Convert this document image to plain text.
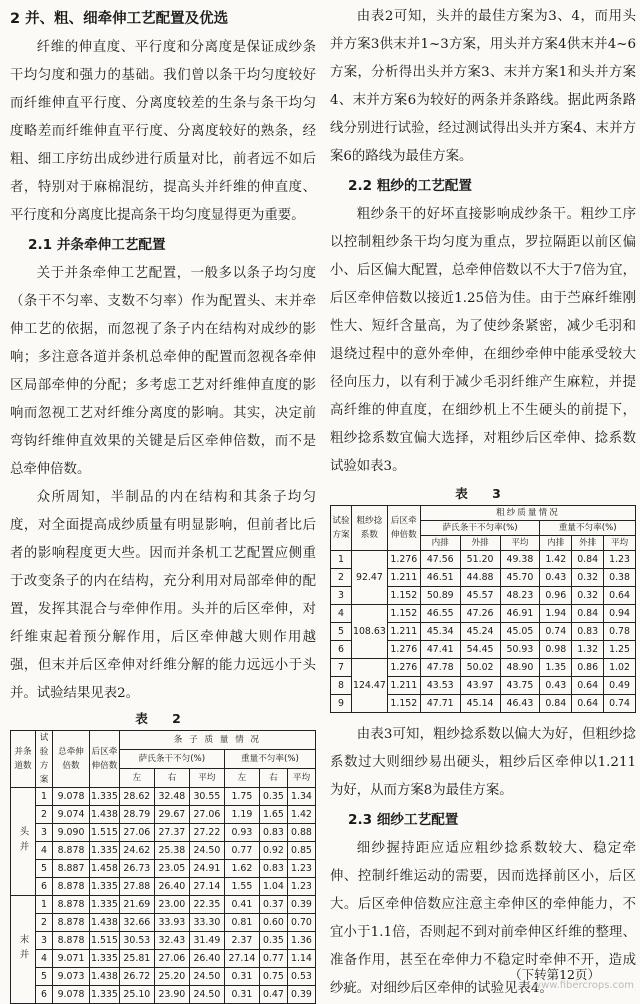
2 并、粗、细牵伸工艺配置及优选

纤维的伸直度、平行度和分离度是保证成纱条干均匀度和强力的基础。我们曾以条干均匀度较好而纤维伸直平行度、分离度较差的生条与条干均匀度略差而纤维伸直平行度、分离度较好的熟条，经粗、细工序纺出成纱进行质量对比，前者远不如后者，特别对于麻棉混纺，提高头并纤维的伸直度、平行度和分离度比提高条干均匀度显得更为重要。

2.1 并条牵伸工艺配置

关于并条牵伸工艺配置，一般多以条子均匀度（条干不匀率、支数不匀率）作为配置头、末并牵伸工艺的依据，而忽视了条子内在结构对成纱的影响；多注意各道并条机总牵伸的配置而忽视各牵伸区局部牵伸的分配；多考虑工艺对纤维伸直度的影响而忽视工艺对纤维分离度的影响。其实，决定前弯钩纤维伸直效果的关键是后区牵伸倍数，而不是总牵伸倍数。

众所周知，半制品的内在结构和其条子均匀度，对全面提高成纱质量有明显影响，但前者比后者的影响程度更大些。因而并条机工艺配置应侧重于改变条子的内在结构，充分利用对局部牵伸的配置，发挥其混合与牵伸作用。头并的后区牵伸，对纤维束起着预分解作用，后区牵伸越大则作用越强，但末并后区牵伸对纤维分解的能力远远小于头并。试验结果见表2。

表 2
并条道数	试验方案	总牵伸倍数	后区牵伸倍数	条 子 质 量 情 况					
				萨氏条干不匀(%)			重量不匀率(%)		
				左	右	平均	左	右	平均
头并	1	9.078	1.335	28.62	32.48	30.55	1.75	0.35	1.34
	2	9.074	1.438	28.79	29.67	27.06	1.19	1.65	1.42
	3	9.090	1.515	27.06	27.37	27.22	0.93	0.83	0.88
	4	8.878	1.335	24.62	25.38	24.50	0.77	0.92	0.85
	5	8.887	1.458	26.73	23.05	24.91	1.62	0.83	1.23
	6	8.878	1.335	27.88	26.40	27.14	1.55	1.04	1.23
末并	1	8.878	1.335	21.69	23.00	22.35	0.41	0.37	0.39
	2	8.878	1.438	32.66	33.93	33.30	0.81	0.60	0.70
	3	8.878	1.515	30.53	32.43	31.49	2.37	0.35	1.36
	4	9.071	1.335	25.81	27.06	26.40	27.14	0.77	1.14
	5	9.073	1.438	26.72	25.20	24.50	0.31	0.75	0.53
	6	9.078	1.335	25.10	23.90	24.50	0.31	0.47	0.39

由表2可知，头并的最佳方案为3、4，而用头并方案3供末并1~3方案，用头并方案4供末并4~6方案，分析得出头并方案3、末并方案1和头并方案4、末并方案6为较好的两条并条路线。据此两条路线分别进行试验，经过测试得出头并方案4、末并方案6的路线为最佳方案。

2.2 粗纱的工艺配置

粗纱条干的好坏直接影响成纱条干。粗纱工序以控制粗纱条干均匀度为重点，罗拉隔距以前区偏小、后区偏大配置，总牵伸倍数以不大于7倍为宜，后区牵伸倍数以接近1.25倍为佳。由于苎麻纤维刚性大、短纤含量高，为了使纱条紧密，减少毛羽和退绕过程中的意外牵伸，在细纱牵伸中能承受较大径向压力，以有利于减少毛羽纤维产生麻粒，并提高纤维的伸直度，在细纱机上不生硬头的前提下，粗纱捻系数宜偏大选择，对粗纱后区牵伸、捻系数试验如表3。

表 3
试验方案	粗纱捻系数	后区牵伸倍数	粗纱质量情况					
			萨氏条干不匀率(%)			重量不匀率(%)		
			内排	外排	平均	内排	外排	平均
1	92.47	1.276	47.56	51.20	49.38	1.42	0.84	1.23
2		1.211	46.51	44.88	45.70	0.43	0.32	0.38
3		1.152	50.89	45.57	48.23	0.96	0.32	0.64
4	108.63	1.152	46.55	47.26	46.91	1.94	0.84	0.94
5		1.211	45.34	45.24	45.05	0.74	0.83	0.78
6		1.276	47.41	54.45	50.93	0.98	1.32	1.25
7	124.47	1.276	47.78	50.02	48.90	1.35	0.86	1.02
8		1.211	43.53	43.97	43.75	0.43	0.64	0.49
9		1.152	47.71	45.14	46.43	0.84	0.64	0.74

由表3可知，粗纱捻系数以偏大为好，但粗纱捻系数过大则细纱易出硬头，粗纱后区牵伸以1.211为好，从而方案8为最佳方案。

2.3 细纱工艺配置

细纱握持距应适应粗纱捻系数较大、稳定牵伸、控制纤维运动的需要，因而选择前区小，后区大。后区牵伸倍数应注意主牵伸区的牵伸能力，不宜小于1.1倍，否则起不到对前牵伸区纤维的整理、准备作用，甚至在牵伸力不稳定时牵伸不开，造成纱疵。对细纱后区牵伸的试验见表4。

（下转第12页）
www.fibercrops.com
